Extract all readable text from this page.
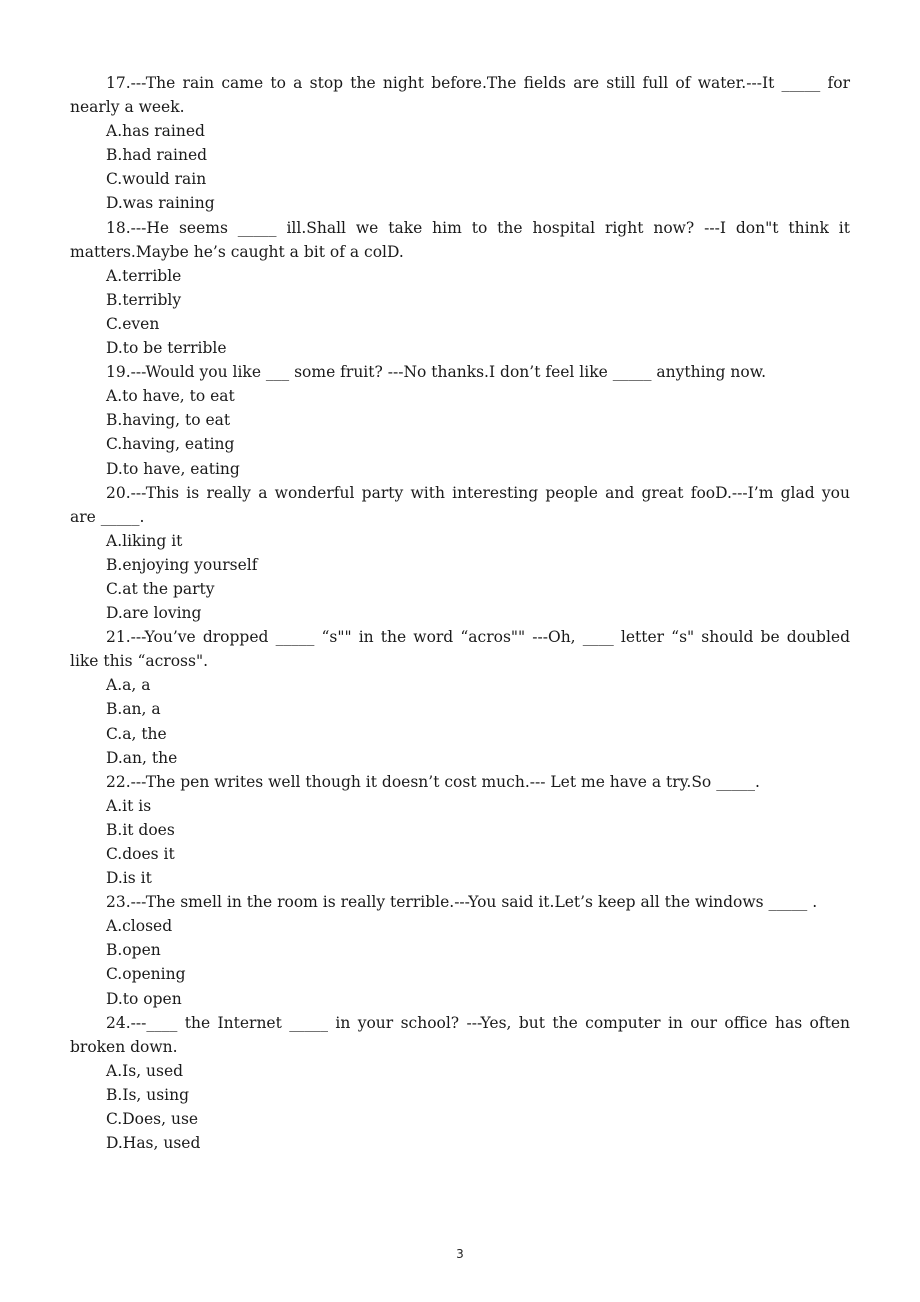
17.---The rain came to a stop the night before.The fields are still full of water.---It _____ for nearly a week.

A.has rained
B.had rained
C.would rain
D.was raining

18.---He seems _____ ill.Shall we take him to the hospital right now? ---I don"t think it matters.Maybe he’s caught a bit of a colD.

A.terrible
B.terribly
C.even
D.to be terrible

19.---Would you like ___ some fruit? ---No thanks.I don’t feel like _____ anything now.

A.to have, to eat
B.having, to eat
C.having, eating
D.to have, eating

20.---This is really a wonderful party with interesting people and great fooD.---I’m glad you are _____.

A.liking it
B.enjoying yourself
C.at the party
D.are loving

21.---You’ve dropped _____ “s"" in the word “acros"" ---Oh, ____ letter “s" should be doubled like this “across".

A.a, a
B.an, a
C.a, the
D.an, the

22.---The pen writes well though it doesn’t cost much.--- Let me have a try.So _____.

A.it is
B.it does
C.does it
D.is it

23.---The smell in the room is really terrible.---You said it.Let’s keep all the windows _____ .

A.closed
B.open
C.opening
D.to open

24.---____ the Internet _____ in your school? ---Yes, but the computer in our office has often broken down.

A.Is, used
B.Is, using
C.Does, use
D.Has, used
3
